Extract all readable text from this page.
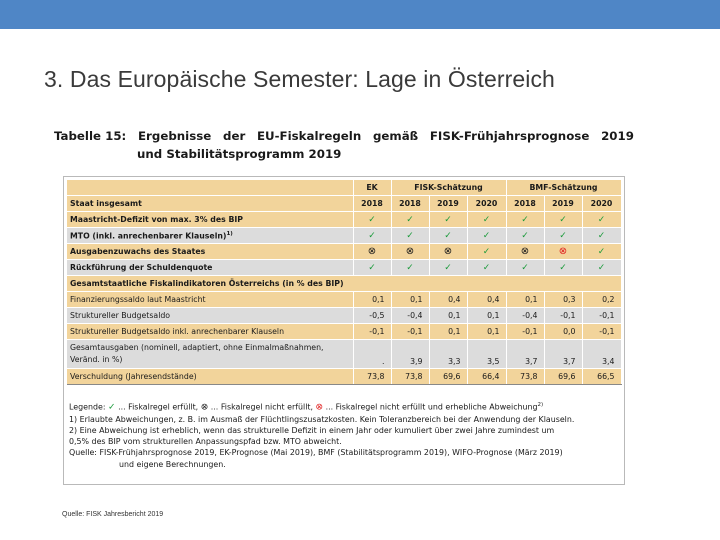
3. Das Europäische Semester: Lage in Österreich
Tabelle 15: Ergebnisse der EU-Fiskalregeln gemäß FISK-Frühjahrsprognose 2019
und Stabilitätsprogramm 2019
	EK	FISK-Schätzung			BMF-Schätzung		
Staat insgesamt	2018	2018	2019	2020	2018	2019	2020
Maastricht-Defizit von max. 3% des BIP	✓	✓	✓	✓	✓	✓	✓
MTO (inkl. anrechenbarer Klauseln)$^{1)}$	✓	✓	✓	✓	✓	✓	✓
Ausgabenzuwachs des Staates	⊗	⊗	⊗	✓	⊗	⊗	✓
Rückführung der Schuldenquote	✓	✓	✓	✓	✓	✓	✓
Gesamtstaatliche Fiskalindikatoren Österreichs (in % des BIP)							
Finanzierungssaldo laut Maastricht	0,1	0,1	0,4	0,4	0,1	0,3	0,2
Struktureller Budgetsaldo	-0,5	-0,4	0,1	0,1	-0,4	-0,1	-0,1
Struktureller Budgetsaldo inkl. anrechenbarer Klauseln	-0,1	-0,1	0,1	0,1	-0,1	0,0	-0,1
Gesamtausgaben (nominell, adaptiert, ohne Einmalmaßnahmen,
Veränd. in %)	.	3,9	3,3	3,5	3,7	3,7	3,4
Verschuldung (Jahresendstände)	73,8	73,8	69,6	66,4	73,8	69,6	66,5
Legende: ✓ ... Fiskalregel erfüllt, ⊗ ... Fiskalregel nicht erfüllt, ⊗ ... Fiskalregel nicht erfüllt und erhebliche Abweichung$^{2)}$
1) Erlaubte Abweichungen, z. B. im Ausmaß der Flüchtlingszusatzkosten. Kein Toleranzbereich bei der Anwendung der Klauseln.
2) Eine Abweichung ist erheblich, wenn das strukturelle Defizit in einem Jahr oder kumuliert über zwei Jahre zumindest um
0,5% des BIP vom strukturellen Anpassungspfad bzw. MTO abweicht.
Quelle: FISK-Frühjahrsprognose 2019, EK-Prognose (Mai 2019), BMF (Stabilitätsprogramm 2019), WIFO-Prognose (März 2019)
und eigene Berechnungen.
Quelle: FISK Jahresbericht 2019
